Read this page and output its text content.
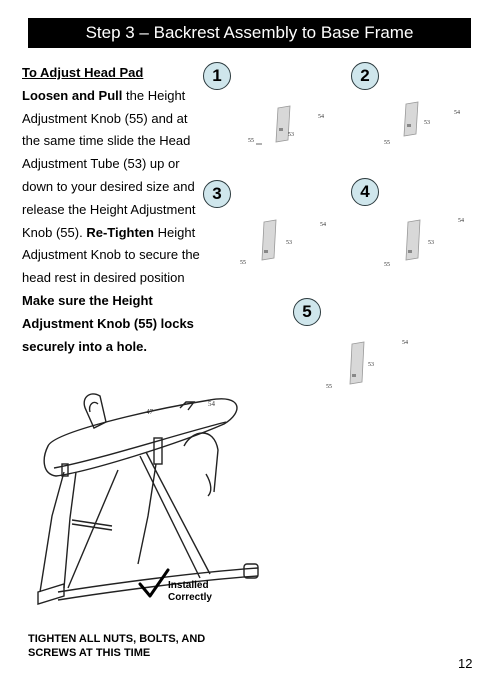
Step 3 – Backrest Assembly to Base Frame
To Adjust Head Pad
Loosen and Pull the Height Adjustment Knob (55) and at the same time slide the Head Adjustment Tube (53) up or down to your desired size and release the Height Adjustment Knob (55). Re-Tighten Height Adjustment Knob to secure the head rest in desired position
Make sure the Height Adjustment Knob (55) locks securely into a hole.
1	2
3	4
5
54
53
55
54
53
55
54
53
55
54
53
55
54
53
55
47
54
Installed
Correctly
TIGHTEN ALL NUTS, BOLTS, AND
SCREWS AT THIS TIME
12
